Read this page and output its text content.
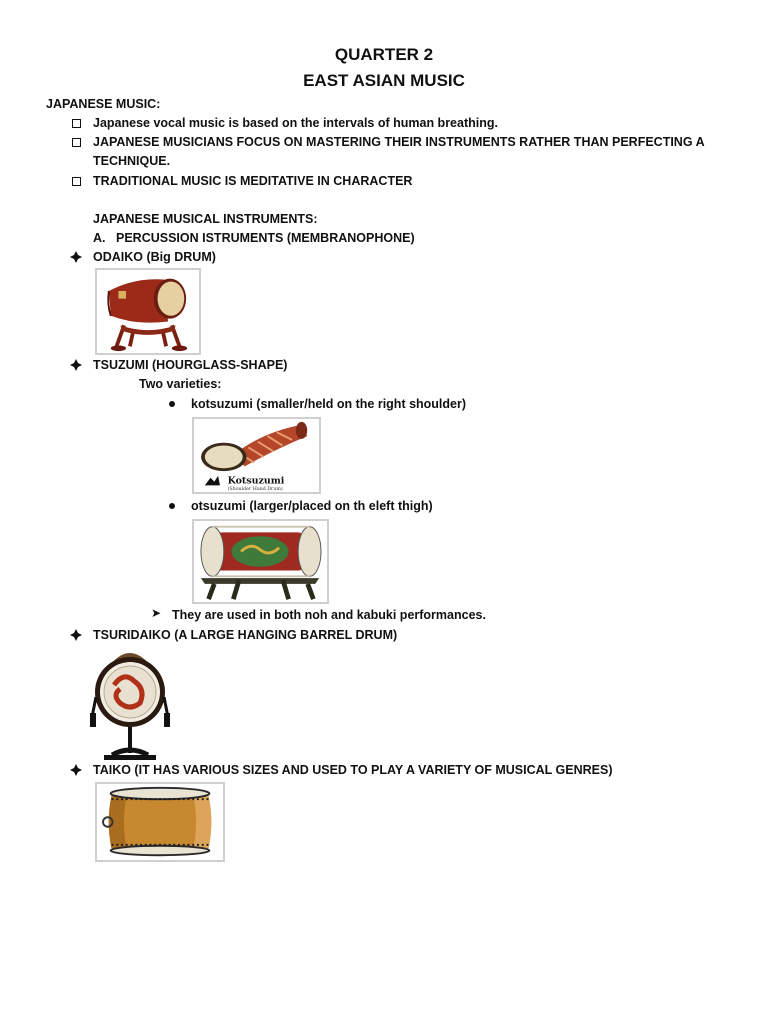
QUARTER 2
EAST ASIAN MUSIC
JAPANESE MUSIC:
Japanese vocal music is based on the intervals of human breathing.
JAPANESE MUSICIANS FOCUS ON MASTERING THEIR INSTRUMENTS RATHER THAN PERFECTING A
TECHNIQUE.
TRADITIONAL MUSIC IS MEDITATIVE IN CHARACTER
JAPANESE MUSICAL INSTRUMENTS:
A. PERCUSSION ISTRUMENTS (MEMBRANOPHONE)
ODAIKO (Big DRUM)
TSUZUMI (HOURGLASS-SHAPE)
Two varieties:
kotsuzumi (smaller/held on the right shoulder)
Kotsuzumi
(Shoulder Hand Drum)
otsuzumi (larger/placed on th eleft thigh)
➤ They are used in both noh and kabuki performances.
TSURIDAIKO (A LARGE HANGING BARREL DRUM)
TAIKO (IT HAS VARIOUS SIZES AND USED TO PLAY A VARIETY OF MUSICAL GENRES)
